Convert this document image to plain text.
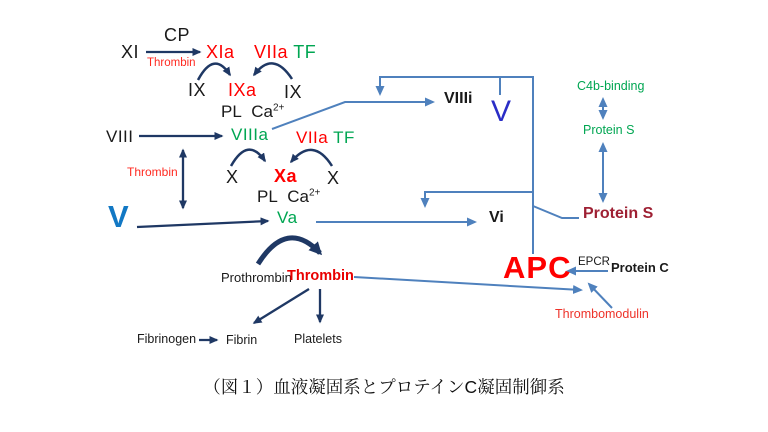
XI
CP
Thrombin
XIa VIIa TF
IX IXa IX
PL $Ca^{2+}$
VIII	VIIIa VIIa TF
Thrombin	X Xa X
PL $Ca^{2+}$
V	Va
Prothrombin
Thrombin
Fibrinogen Fibrin	Platelets
VIIIi V
Vi
C4b-binding
Protein S
Protein S
APC EPCR Protein C
Thrombomodulin
（図１）血液凝固系とプロテインC凝固制御系
